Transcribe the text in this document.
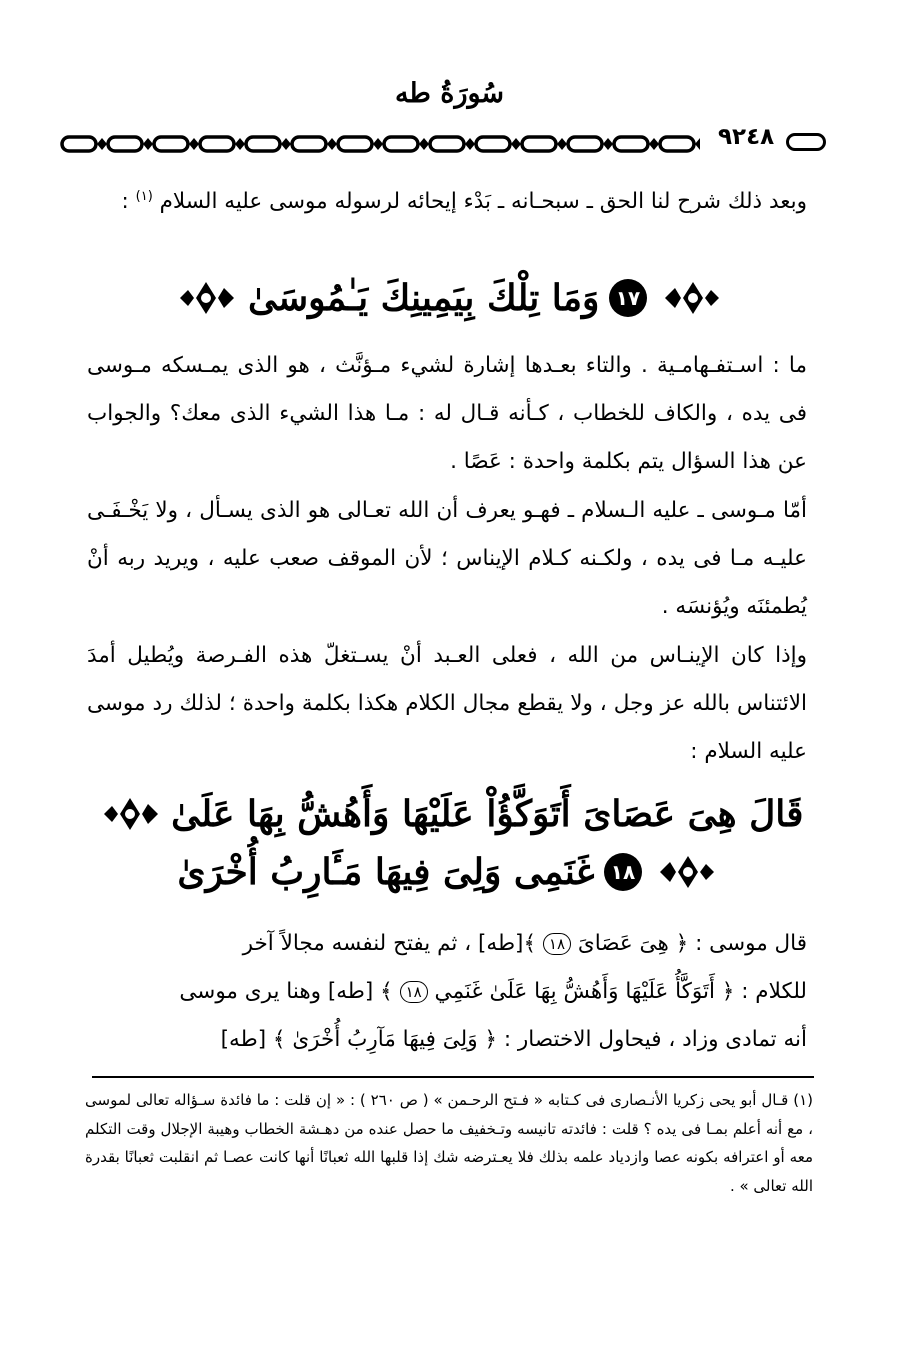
سُورَةُ طه
٩٢٤٨
وبعد ذلك شرح لنا الحق ـ سبحـانه ـ بَدْء إيحائه لرسوله موسى عليه السلام $^{(١)}$ :
١٧ وَمَا تِلْكَ بِيَمِينِكَ يَـٰمُوسَىٰ
ما : اسـتفـهامـية . والتاء بعـدها إشارة لشيء مـؤنَّث ، هو الذى يمـسكه مـوسى فى يده ، والكاف للخطاب ، كـأنه قـال له : مـا هذا الشيء الذى معك؟ والجواب عن هذا السؤال يتم بكلمة واحدة : عَصًا .
أمّا مـوسى ـ عليه الـسلام ـ فهـو يعرف أن الله تعـالى هو الذى يسـأل ، ولا يَخْـفَـى عليـه مـا فى يده ، ولكـنه كـلام الإيناس ؛ لأن الموقف صعب عليه ، ويريد ربه أنْ يُطمئنَه ويُؤنسَه .
وإذا كان الإينـاس من الله ، فعلى العـبد أنْ يسـتغلّ هذه الفـرصة ويُطيل أمدَ الائتناس بالله عز وجل ، ولا يقطع مجال الكلام هكذا بكلمة واحدة ؛ لذلك رد موسى عليه السلام :
قَالَ هِىَ عَصَاىَ أَتَوَكَّؤُاْ عَلَيْهَا وَأَهُشُّ بِهَا عَلَىٰ
١٨ غَنَمِى وَلِىَ فِيهَا مَـَٔارِبُ أُخْرَىٰ
قال موسى : ﴿ هِىَ عَصَاىَ ١٨ ﴾[طه] ، ثم يفتح لنفسه مجالاً آخر
للكلام : ﴿ أَتَوَكَّأُ عَلَيْهَا وَأَهُشُّ بِهَا عَلَىٰ غَنَمِي ١٨ ﴾ [طه] وهنا يرى موسى
أنه تمادى وزاد ، فيحاول الاختصار : ﴿ وَلِىَ فِيهَا مَآرِبُ أُخْرَىٰ ﴾ [طه]
(١) قـال أبو يحى زكريا الأنـصارى فى كـتابه « فـتح الرحـمن » ( ص ٢٦٠ ) : « إن قلت : ما فائدة سـؤاله تعالى لموسى ، مع أنه أعلم بمـا فى يده ؟ قلت : فائدته تانيسه وتـخفيف ما حصل عنده من دهـشة الخطاب وهيبة الإجلال وقت التكلم معه أو اعترافه بكونه عصا وازدياد علمه بذلك فلا يعـترضه شك إذا قلبها الله ثعبانًا أنها كانت عصـا ثم انقلبت ثعبانًا بقدرة الله تعالى » .
